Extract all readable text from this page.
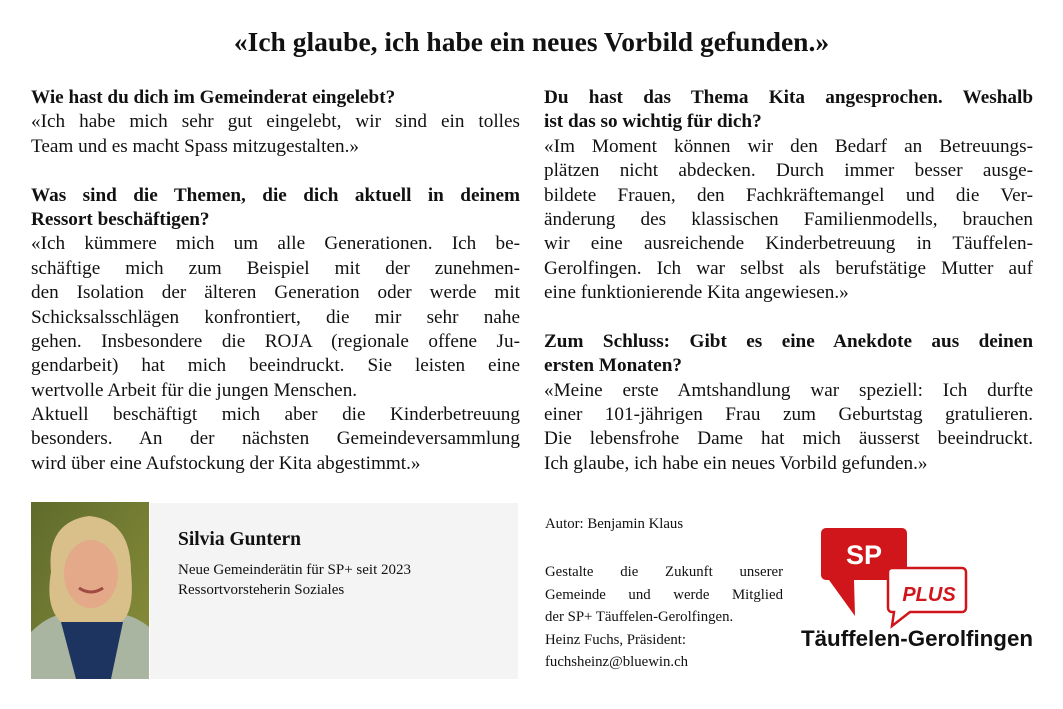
«Ich glaube, ich habe ein neues Vorbild gefunden.»
Wie hast du dich im Gemeinderat eingelebt?
«Ich habe mich sehr gut eingelebt, wir sind ein tolles
Team und es macht Spass mitzugestalten.»
Was sind die Themen, die dich aktuell in deinem
Ressort beschäftigen?
«Ich kümmere mich um alle Generationen. Ich be-
schäftige mich zum Beispiel mit der zunehmen-
den Isolation der älteren Generation oder werde mit
Schicksalsschlägen konfrontiert, die mir sehr nahe
gehen. Insbesondere die ROJA (regionale offene Ju-
gendarbeit) hat mich beeindruckt. Sie leisten eine
wertvolle Arbeit für die jungen Menschen.
Aktuell beschäftigt mich aber die Kinderbetreuung
besonders. An der nächsten Gemeindeversammlung
wird über eine Aufstockung der Kita abgestimmt.»
Du hast das Thema Kita angesprochen. Weshalb
ist das so wichtig für dich?
«Im Moment können wir den Bedarf an Betreuungs-
plätzen nicht abdecken. Durch immer besser ausge-
bildete Frauen, den Fachkräftemangel und die Ver-
änderung des klassischen Familienmodells, brauchen
wir eine ausreichende Kinderbetreuung in Täuffelen-
Gerolfingen. Ich war selbst als berufstätige Mutter auf
eine funktionierende Kita angewiesen.»
Zum Schluss: Gibt es eine Anekdote aus deinen
ersten Monaten?
«Meine erste Amtshandlung war speziell: Ich durfte
einer 101-jährigen Frau zum Geburtstag gratulieren.
Die lebensfrohe Dame hat mich äusserst beeindruckt.
Ich glaube, ich habe ein neues Vorbild gefunden.»
Silvia Guntern
Neue Gemeinderätin für SP+ seit 2023
Ressortvorsteherin Soziales
Autor: Benjamin Klaus
Gestalte die Zukunft unserer
Gemeinde und werde Mitglied
der SP+ Täuffelen-Gerolfingen.
Heinz Fuchs, Präsident:
fuchsheinz@bluewin.ch
SP
PLUS
Täuffelen-Gerolfingen
